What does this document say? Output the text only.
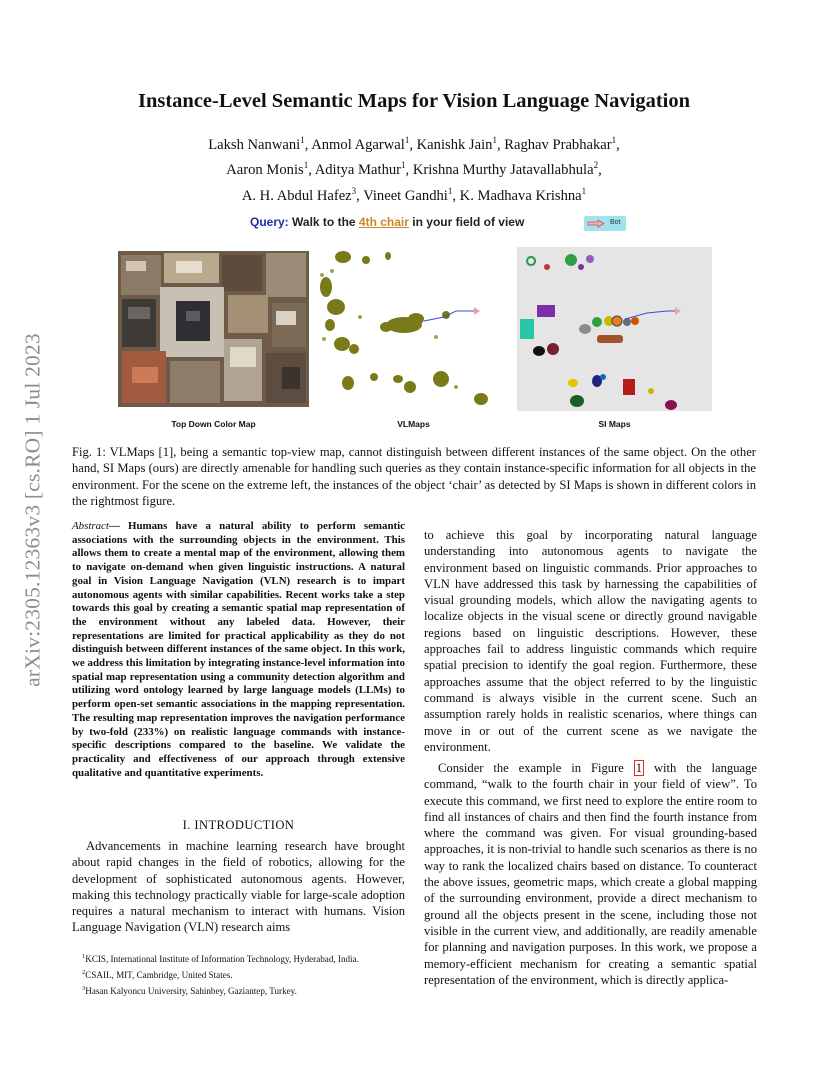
arXiv:2305.12363v3 [cs.RO] 1 Jul 2023
Instance-Level Semantic Maps for Vision Language Navigation
Laksh Nanwani$^1$, Anmol Agarwal$^1$, Kanishk Jain$^1$, Raghav Prabhakar$^1$,
Aaron Monis$^1$, Aditya Mathur$^1$, Krishna Murthy Jatavallabhula$^2$,
A. H. Abdul Hafez$^3$, Vineet Gandhi$^1$, K. Madhava Krishna$^1$
Query: Walk to the 4th chair in your field of view	Bot
Top Down Color Map	VLMaps	SI Maps
Fig. 1: VLMaps [1], being a semantic top-view map, cannot distinguish between different instances of the same object. On the other hand, SI Maps (ours) are directly amenable for handling such queries as they contain instance-specific information for all objects in the environment. For the scene on the extreme left, the instances of the object ‘chair’ as detected by SI Maps is shown in different colors in the rightmost figure.
Abstract— Humans have a natural ability to perform semantic associations with the surrounding objects in the environment. This allows them to create a mental map of the environment, allowing them to navigate on-demand when given linguistic instructions. A natural goal in Vision Language Navigation (VLN) research is to impart autonomous agents with similar capabilities. Recent works take a step towards this goal by creating a semantic spatial map representation of the environment without any labeled data. However, their representations are limited for practical applicability as they do not distinguish between different instances of the same object. In this work, we address this limitation by integrating instance-level information into spatial map representation using a community detection algorithm and utilizing word ontology learned by large language models (LLMs) to perform open-set semantic associations in the mapping representation. The resulting map representation improves the navigation performance by two-fold (233%) on realistic language commands with instance-specific descriptions compared to the baseline. We validate the practicality and effectiveness of our approach through extensive qualitative and quantitative experiments.
I. INTRODUCTION
Advancements in machine learning research have brought about rapid changes in the field of robotics, allowing for the development of sophisticated autonomous agents. However, making this technology practically viable for large-scale adoption requires a natural mechanism to interact with humans. Vision Language Navigation (VLN) research aims

$^1$KCIS, International Institute of Information Technology, Hyderabad, India.

$^2$CSAIL, MIT, Cambridge, United States.

$^3$Hasan Kalyoncu University, Sahinbey, Gaziantep, Turkey.

to achieve this goal by incorporating natural language understanding into autonomous agents to navigate the environment based on linguistic commands. Prior approaches to VLN have addressed this task by harnessing the capabilities of visual grounding models, which allow the navigating agents to localize objects in the visual scene or directly ground navigable regions based on linguistic descriptions. However, these approaches fail to address linguistic commands which require spatial precision to identify the goal region. Furthermore, these approaches assume that the object referred to by the linguistic command is always visible in the current scene. Such an assumption rarely holds in realistic scenarios, where things can move in or out of the current scene as we navigate the environment.
Consider the example in Figure 1 with the language command, “walk to the fourth chair in your field of view”. To execute this command, we first need to explore the entire room to find all instances of chairs and then find the fourth instance from where the command was given. For visual grounding-based approaches, it is non-trivial to handle such scenarios as there is no way to rank the localized chairs based on distance. To counteract the above issues, geometric maps, which create a global mapping of the surrounding environment, provide a direct mechanism to ground all the objects present in the scene, including those not visible in the current view, and additionally, are readily amenable for planning and navigation purposes. In this work, we propose a memory-efficient mechanism for creating a semantic spatial representation of the environment, which is directly applica-
